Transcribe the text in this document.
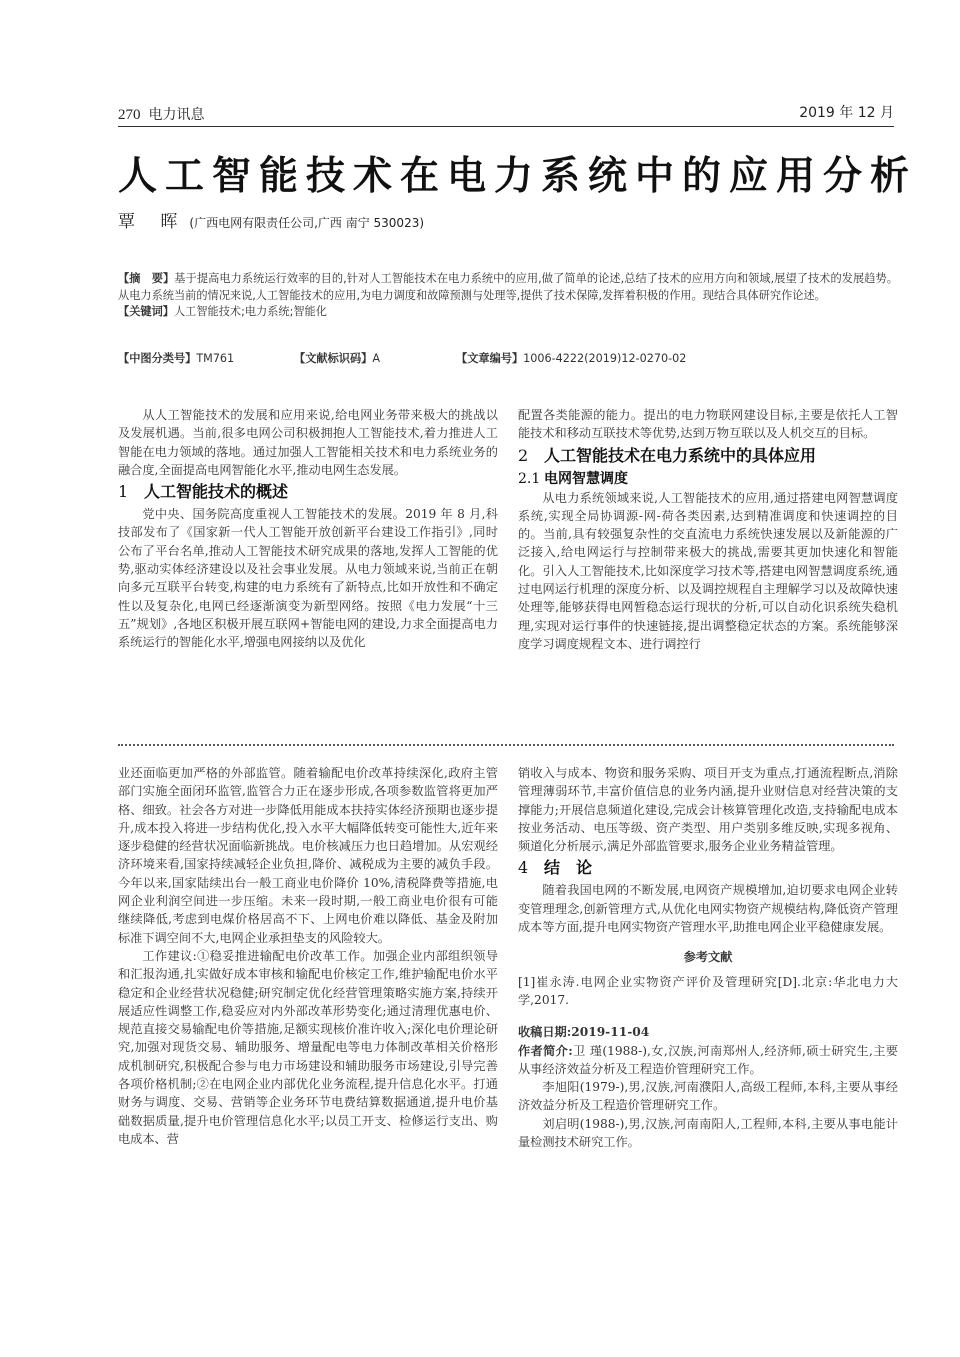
270 电力讯息	2019 年 12 月
人工智能技术在电力系统中的应用分析
覃 晖 (广西电网有限责任公司,广西 南宁 530023)
【摘　要】基于提高电力系统运行效率的目的,针对人工智能技术在电力系统中的应用,做了简单的论述,总结了技术的应用方向和领域,展望了技术的发展趋势。从电力系统当前的情况来说,人工智能技术的应用,为电力调度和故障预测与处理等,提供了技术保障,发挥着积极的作用。现结合具体研究作论述。
【关键词】人工智能技术;电力系统;智能化
【中图分类号】TM761	【文献标识码】A	【文章编号】1006-4222(2019)12-0270-02

从人工智能技术的发展和应用来说,给电网业务带来极大的挑战以及发展机遇。当前,很多电网公司积极拥抱人工智能技术,着力推进人工智能在电力领域的落地。通过加强人工智能相关技术和电力系统业务的融合度,全面提高电网智能化水平,推动电网生态发展。

1 人工智能技术的概述

党中央、国务院高度重视人工智能技术的发展。2019 年 8 月,科技部发布了《国家新一代人工智能开放创新平台建设工作指引》,同时公布了平台名单,推动人工智能技术研究成果的落地,发挥人工智能的优势,驱动实体经济建设以及社会事业发展。从电力领域来说,当前正在朝向多元互联平台转变,构建的电力系统有了新特点,比如开放性和不确定性以及复杂化,电网已经逐渐演变为新型网络。按照《电力发展“十三五”规划》,各地区积极开展互联网+智能电网的建设,力求全面提高电力系统运行的智能化水平,增强电网接纳以及优化

配置各类能源的能力。提出的电力物联网建设目标,主要是依托人工智能技术和移动互联技术等优势,达到万物互联以及人机交互的目标。

2 人工智能技术在电力系统中的具体应用
2.1 电网智慧调度

从电力系统领域来说,人工智能技术的应用,通过搭建电网智慧调度系统,实现全局协调源-网-荷各类因素,达到精准调度和快速调控的目的。当前,具有较强复杂性的交直流电力系统快速发展以及新能源的广泛接入,给电网运行与控制带来极大的挑战,需要其更加快速化和智能化。引入人工智能技术,比如深度学习技术等,搭建电网智慧调度系统,通过电网运行机理的深度分析、以及调控规程自主理解学习以及故障快速处理等,能够获得电网暂稳态运行现状的分析,可以自动化识系统失稳机理,实现对运行事件的快速链接,提出调整稳定状态的方案。系统能够深度学习调度规程文本、进行调控行

业还面临更加严格的外部监管。随着输配电价改革持续深化,政府主管部门实施全面闭环监管,监管合力正在逐步形成,各项参数监管将更加严格、细致。社会各方对进一步降低用能成本扶持实体经济预期也逐步提升,成本投入将进一步结构优化,投入水平大幅降低转变可能性大,近年来逐步稳健的经营状况面临新挑战。电价核减压力也日趋增加。从宏观经济环境来看,国家持续减轻企业负担,降价、减税成为主要的减负手段。今年以来,国家陆续出台一般工商业电价降价 10%,清税降费等措施,电网企业利润空间进一步压缩。未来一段时期,一般工商业电价很有可能继续降低,考虑到电煤价格居高不下、上网电价难以降低、基金及附加标准下调空间不大,电网企业承担垫支的风险较大。

工作建议:①稳妥推进输配电价改革工作。加强企业内部组织领导和汇报沟通,扎实做好成本审核和输配电价核定工作,维护输配电价水平稳定和企业经营状况稳健;研究制定优化经营管理策略实施方案,持续开展适应性调整工作,稳妥应对内外部改革形势变化;通过清理优惠电价、规范直接交易输配电价等措施,足额实现核价准许收入;深化电价理论研究,加强对现货交易、辅助服务、增量配电等电力体制改革相关价格形成机制研究,积极配合参与电力市场建设和辅助服务市场建设,引导完善各项价格机制;②在电网企业内部优化业务流程,提升信息化水平。打通财务与调度、交易、营销等企业务环节电费结算数据通道,提升电价基础数据质量,提升电价管理信息化水平;以员工开支、检修运行支出、购电成本、营

销收入与成本、物资和服务采购、项目开支为重点,打通流程断点,消除管理薄弱环节,丰富价值信息的业务内涵,提升业财信息对经营决策的支撑能力;开展信息频道化建设,完成会计核算管理化改造,支持输配电成本按业务活动、电压等级、资产类型、用户类别多维反映,实现多视角、频道化分析展示,满足外部监管要求,服务企业业务精益管理。

4 结　论

随着我国电网的不断发展,电网资产规模增加,迫切要求电网企业转变管理理念,创新管理方式,从优化电网实物资产规模结构,降低资产管理成本等方面,提升电网实物资产管理水平,助推电网企业平稳健康发展。

参考文献

[1]崔永涛.电网企业实物资产评价及管理研究[D].北京:华北电力大学,2017.

收稿日期:2019-11-04

作者简介:卫 瑾(1988-),女,汉族,河南郑州人,经济师,硕士研究生,主要从事经济效益分析及工程造价管理研究工作。

李旭阳(1979-),男,汉族,河南濮阳人,高级工程师,本科,主要从事经济效益分析及工程造价管理研究工作。

刘启明(1988-),男,汉族,河南南阳人,工程师,本科,主要从事电能计量检测技术研究工作。
